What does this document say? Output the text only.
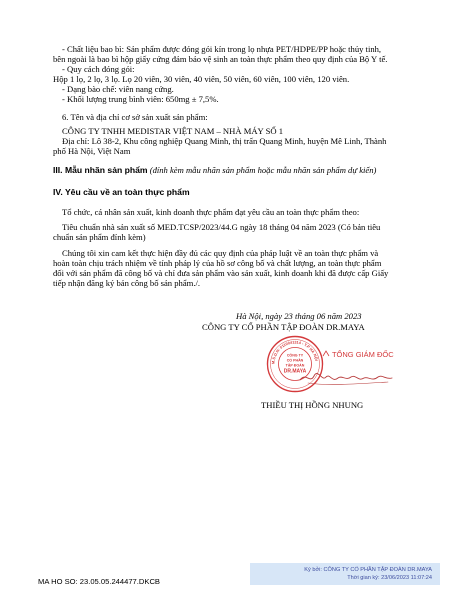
- Chất liệu bao bì: Sản phẩm được đóng gói kín trong lọ nhựa PET/HDPE/PP hoặc thủy tinh,
bên ngoài là bao bì hộp giấy cứng đảm bảo vệ sinh an toàn thực phẩm theo quy định của Bộ Y tế.
- Quy cách đóng gói:
Hộp 1 lọ, 2 lọ, 3 lọ. Lọ 20 viên, 30 viên, 40 viên, 50 viên, 60 viên, 100 viên, 120 viên.
- Dạng bào chế: viên nang cứng.
- Khối lượng trung bình viên: 650mg ± 7,5%.
6. Tên và địa chỉ cơ sở sản xuất sản phẩm:
CÔNG TY TNHH MEDISTAR VIỆT NAM – NHÀ MÁY SỐ 1
Địa chỉ: Lô 38-2, Khu công nghiệp Quang Minh, thị trấn Quang Minh, huyện Mê Linh, Thành
phố Hà Nội, Việt Nam
III. Mẫu nhãn sản phẩm (đính kèm mẫu nhãn sản phẩm hoặc mẫu nhãn sản phẩm dự kiến)
IV. Yêu cầu về an toàn thực phẩm
Tổ chức, cá nhân sản xuất, kinh doanh thực phẩm đạt yêu cầu an toàn thực phẩm theo:
Tiêu chuẩn nhà sản xuất số MED.TCSP/2023/44.G ngày 18 tháng 04 năm 2023 (Có bản tiêu
chuẩn sản phẩm đính kèm)
Chúng tôi xin cam kết thực hiện đầy đủ các quy định của pháp luật về an toàn thực phẩm và
hoàn toàn chịu trách nhiệm về tính pháp lý của hồ sơ công bố và chất lượng, an toàn thực phẩm
đối với sản phẩm đã công bố và chỉ đưa sản phẩm vào sản xuất, kinh doanh khi đã được cấp Giấy
tiếp nhận đăng ký bản công bố sản phẩm./.
Hà Nội, ngày 23 tháng 06 năm 2023
CÔNG TY CỔ PHẦN TẬP ĐOÀN DR.MAYA
M.S.D.N: 0110041314 - T.P HÀ NỘI
CÔNG TY
CỔ PHẦN
TẬP ĐOÀN
DR.MAYA
TỔNG GIÁM ĐỐC
THIỀU THỊ HỒNG NHUNG
Ký bởi: CÔNG TY CỔ PHẦN TẬP ĐOÀN DR.MAYA
Thời gian ký: 23/06/2023 11:07:24
MA HO SO: 23.05.05.244477.DKCB
